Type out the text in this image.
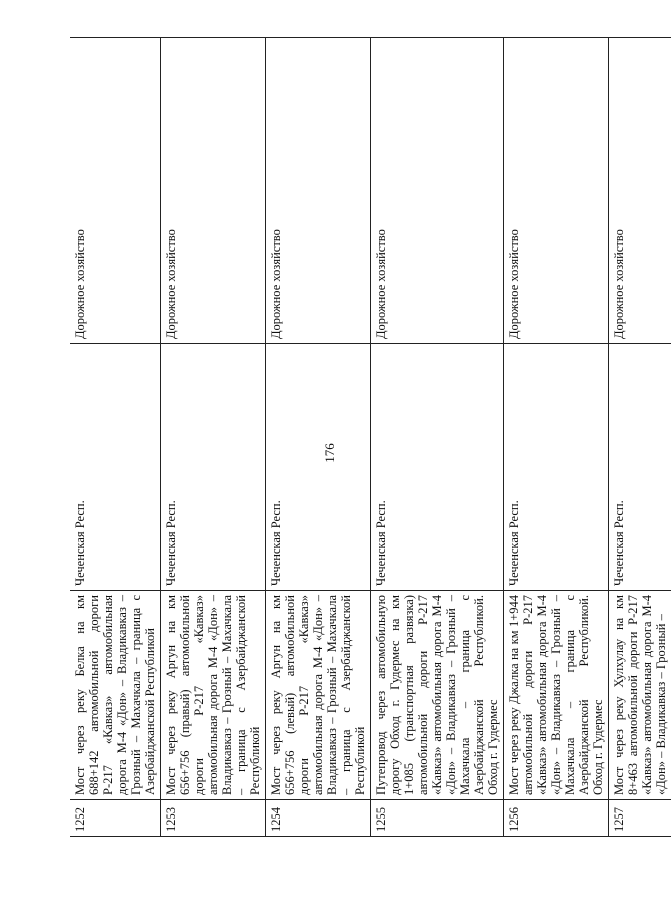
176
1252	Мост через реку Белка на км 688+142 автомобильной дороги Р-217 «Кавказ» автомобильная дорога М-4 «Дон» – Владикавказ – Грозный – Махачкала – граница с Азербайджанской Республикой	Чеченская Респ.	Дорожное хозяйство
1253	Мост через реку Аргун на км 656+756 (правый) автомобильной дороги Р-217 «Кавказ» автомобильная дорога М-4 «Дон» – Владикавказ – Грозный – Махачкала – граница с Азербайджанской Республикой	Чеченская Респ.	Дорожное хозяйство
1254	Мост через реку Аргун на км 656+756 (левый) автомобильной дороги Р-217 «Кавказ» автомобильная дорога М-4 «Дон» – Владикавказ – Грозный – Махачкала – граница с Азербайджанской Республикой	Чеченская Респ.	Дорожное хозяйство
1255	Путепровод через автомобильную дорогу Обход г. Гудермес на км 1+085 (транспортная развязка) автомобильной дороги Р-217 «Кавказ» автомобильная дорога М-4 «Дон» – Владикавказ – Грозный – Махачкала – граница с Азербайджанской Республикой. Обход г. Гудермес	Чеченская Респ.	Дорожное хозяйство
1256	Мост через реку Джалка на км 1+944 автомобильной дороги Р-217 «Кавказ» автомобильная дорога М-4 «Дон» – Владикавказ – Грозный – Махачкала – граница с Азербайджанской Республикой. Обход г. Гудермес	Чеченская Респ.	Дорожное хозяйство
1257	Мост через реку Хулхулау на км 8+463 автомобильной дороги Р-217 «Кавказ» автомобильная дорога М-4 «Дон» – Владикавказ – Грозный –	Чеченская Респ.	Дорожное хозяйство
